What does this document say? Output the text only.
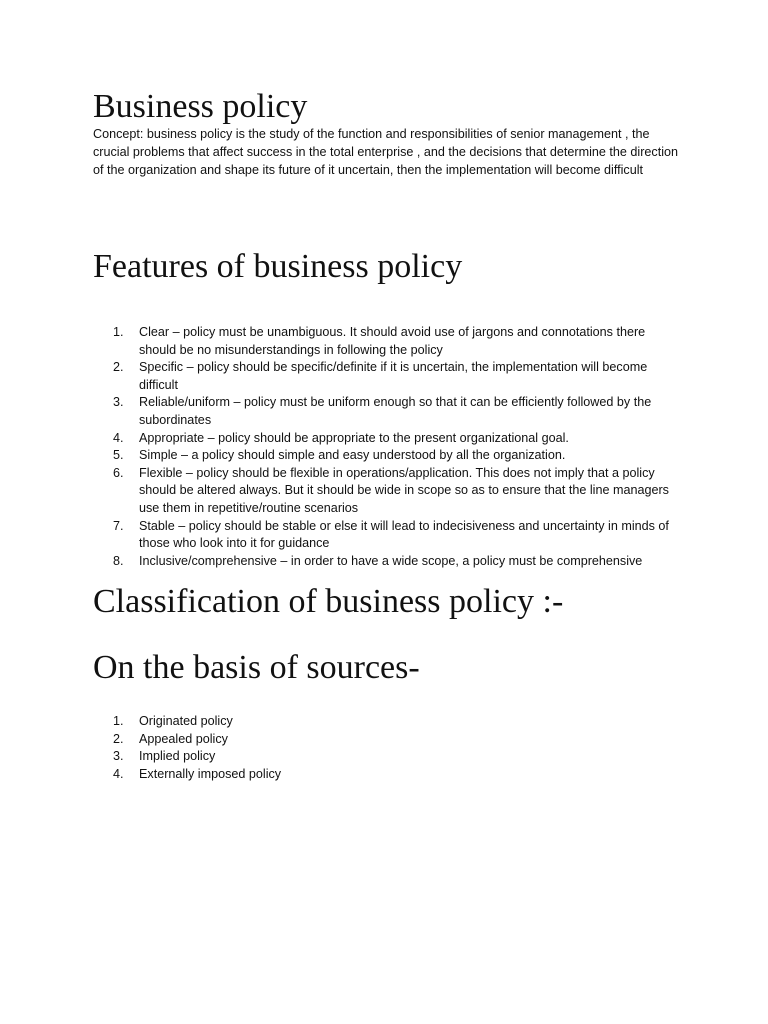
Business policy

Concept: business policy is the study of the function and responsibilities of senior management , the crucial problems that affect success in the total enterprise , and the decisions that determine the direction of the organization and shape its future of it uncertain, then the implementation will become difficult

Features of business policy
1.	Clear – policy must be unambiguous. It should avoid use of jargons and connotations there should be no misunderstandings in following the policy
2.	Specific – policy should be specific/definite if it is uncertain, the implementation will become difficult
3.	Reliable/uniform – policy must be uniform enough so that it can be efficiently followed by the subordinates
4.	Appropriate – policy should be appropriate to the present organizational goal.
5.	Simple – a policy should simple and easy understood by all the organization.
6.	Flexible – policy should be flexible in operations/application. This does not imply that a policy should be altered always. But it should be wide in scope so as to ensure that the line managers use them in repetitive/routine scenarios
7.	Stable – policy should be stable or else it will lead to indecisiveness and uncertainty in minds of those who look into it for guidance
8.	Inclusive/comprehensive – in order to have a wide scope, a policy must be comprehensive
Classification of business policy :-
On the basis of sources-
1.	Originated policy
2.	Appealed policy
3.	Implied policy
4.	Externally imposed policy
